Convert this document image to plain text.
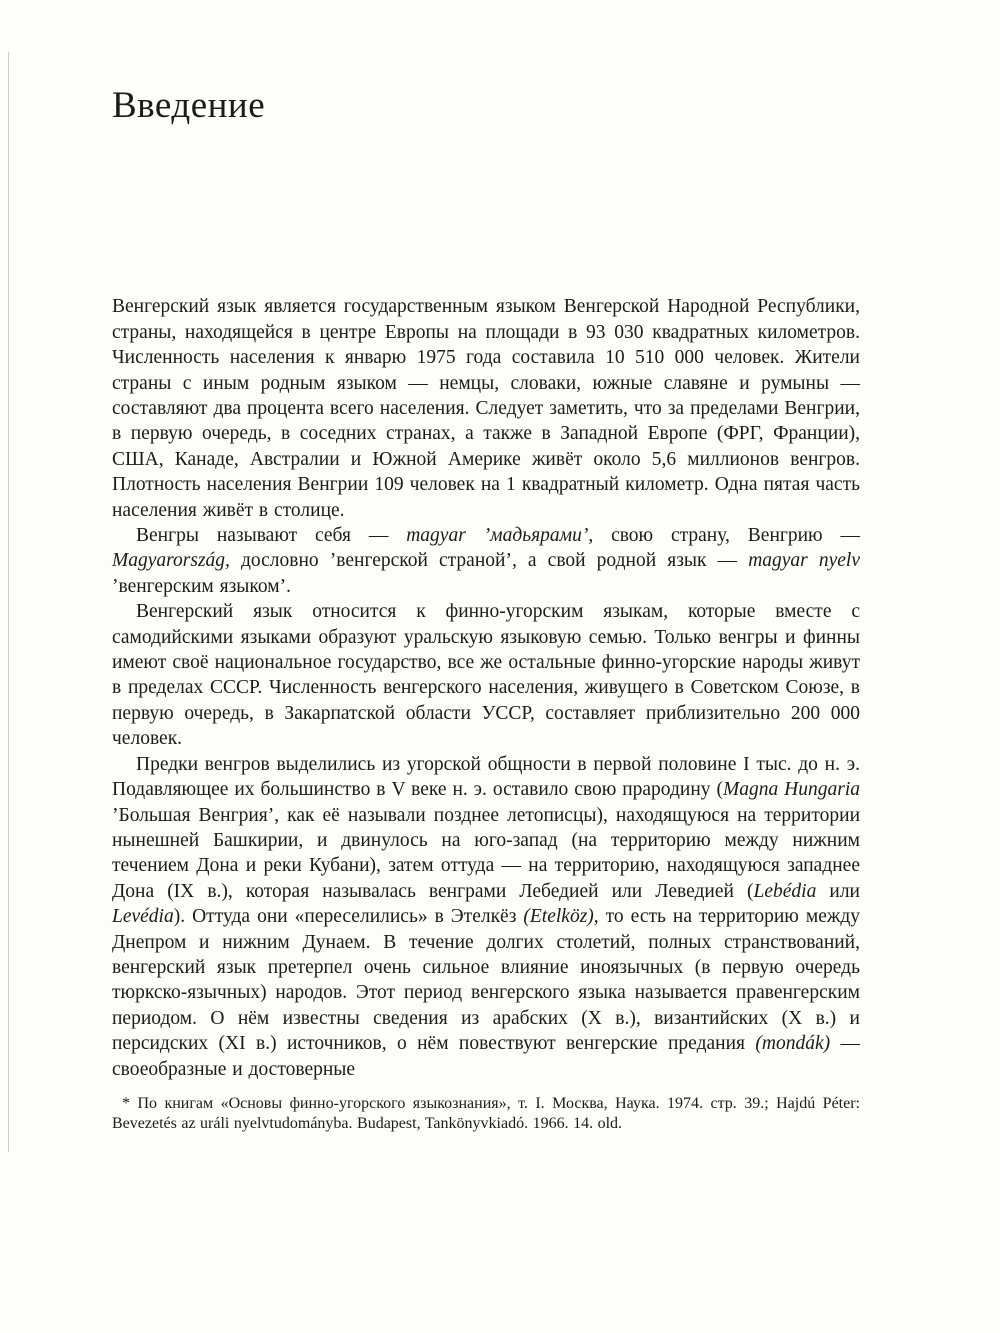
Введение

Венгерский язык является государственным языком Венгерской Народной Республики, страны, находящейся в центре Европы на площади в 93 030 квадратных километров. Численность населения к январю 1975 года составила 10 510 000 человек. Жители страны с иным родным языком — немцы, словаки, южные славяне и румыны — составляют два процента всего населения. Следует заметить, что за пределами Венгрии, в первую очередь, в соседних странах, а также в Западной Европе (ФРГ, Франции), США, Канаде, Австралии и Южной Америке живёт около 5,6 миллионов венгров. Плотность населения Венгрии 109 человек на 1 квадратный километр. Одна пятая часть населения живёт в столице.

Венгры называют себя — magyar ’мадьярами’, свою страну, Венгрию — Magyarország, дословно ’венгерской страной’, а свой родной язык — magyar nyelv ’венгерским языком’.

Венгерский язык относится к финно-угорским языкам, которые вместе с самодийскими языками образуют уральскую языковую семью. Только венгры и финны имеют своё национальное государство, все же остальные финно-угорские народы живут в пределах СССР. Численность венгерского населения, живущего в Советском Союзе, в первую очередь, в Закарпатской области УССР, составляет приблизительно 200 000 человек.

Предки венгров выделились из угорской общности в первой половине I тыс. до н. э. Подавляющее их большинство в V веке н. э. оставило свою прародину (Magna Hungaria ’Большая Венгрия’, как её называли позднее летописцы), находящуюся на территории нынешней Башкирии, и двинулось на юго-запад (на территорию между нижним течением Дона и реки Кубани), затем оттуда — на территорию, находящуюся западнее Дона (IX в.), которая называлась венграми Лебедией или Леведией (Lebédia или Levédia). Оттуда они «переселились» в Этелкёз (Etelköz), то есть на территорию между Днепром и нижним Дунаем. В течение долгих столетий, полных странствований, венгерский язык претерпел очень сильное влияние иноязычных (в первую очередь тюркско-язычных) народов. Этот период венгерского языка называется правенгерским периодом. О нём известны сведения из арабских (X в.), византийских (X в.) и персидских (XI в.) источников, о нём повествуют венгерские предания (mondák) — своеобразные и достоверные

* По книгам «Основы финно-угорского языкознания», т. I. Москва, Наука. 1974. стр. 39.; Hajdú Péter: Bevezetés az uráli nyelvtudományba. Budapest, Tankönyvkiadó. 1966. 14. old.
